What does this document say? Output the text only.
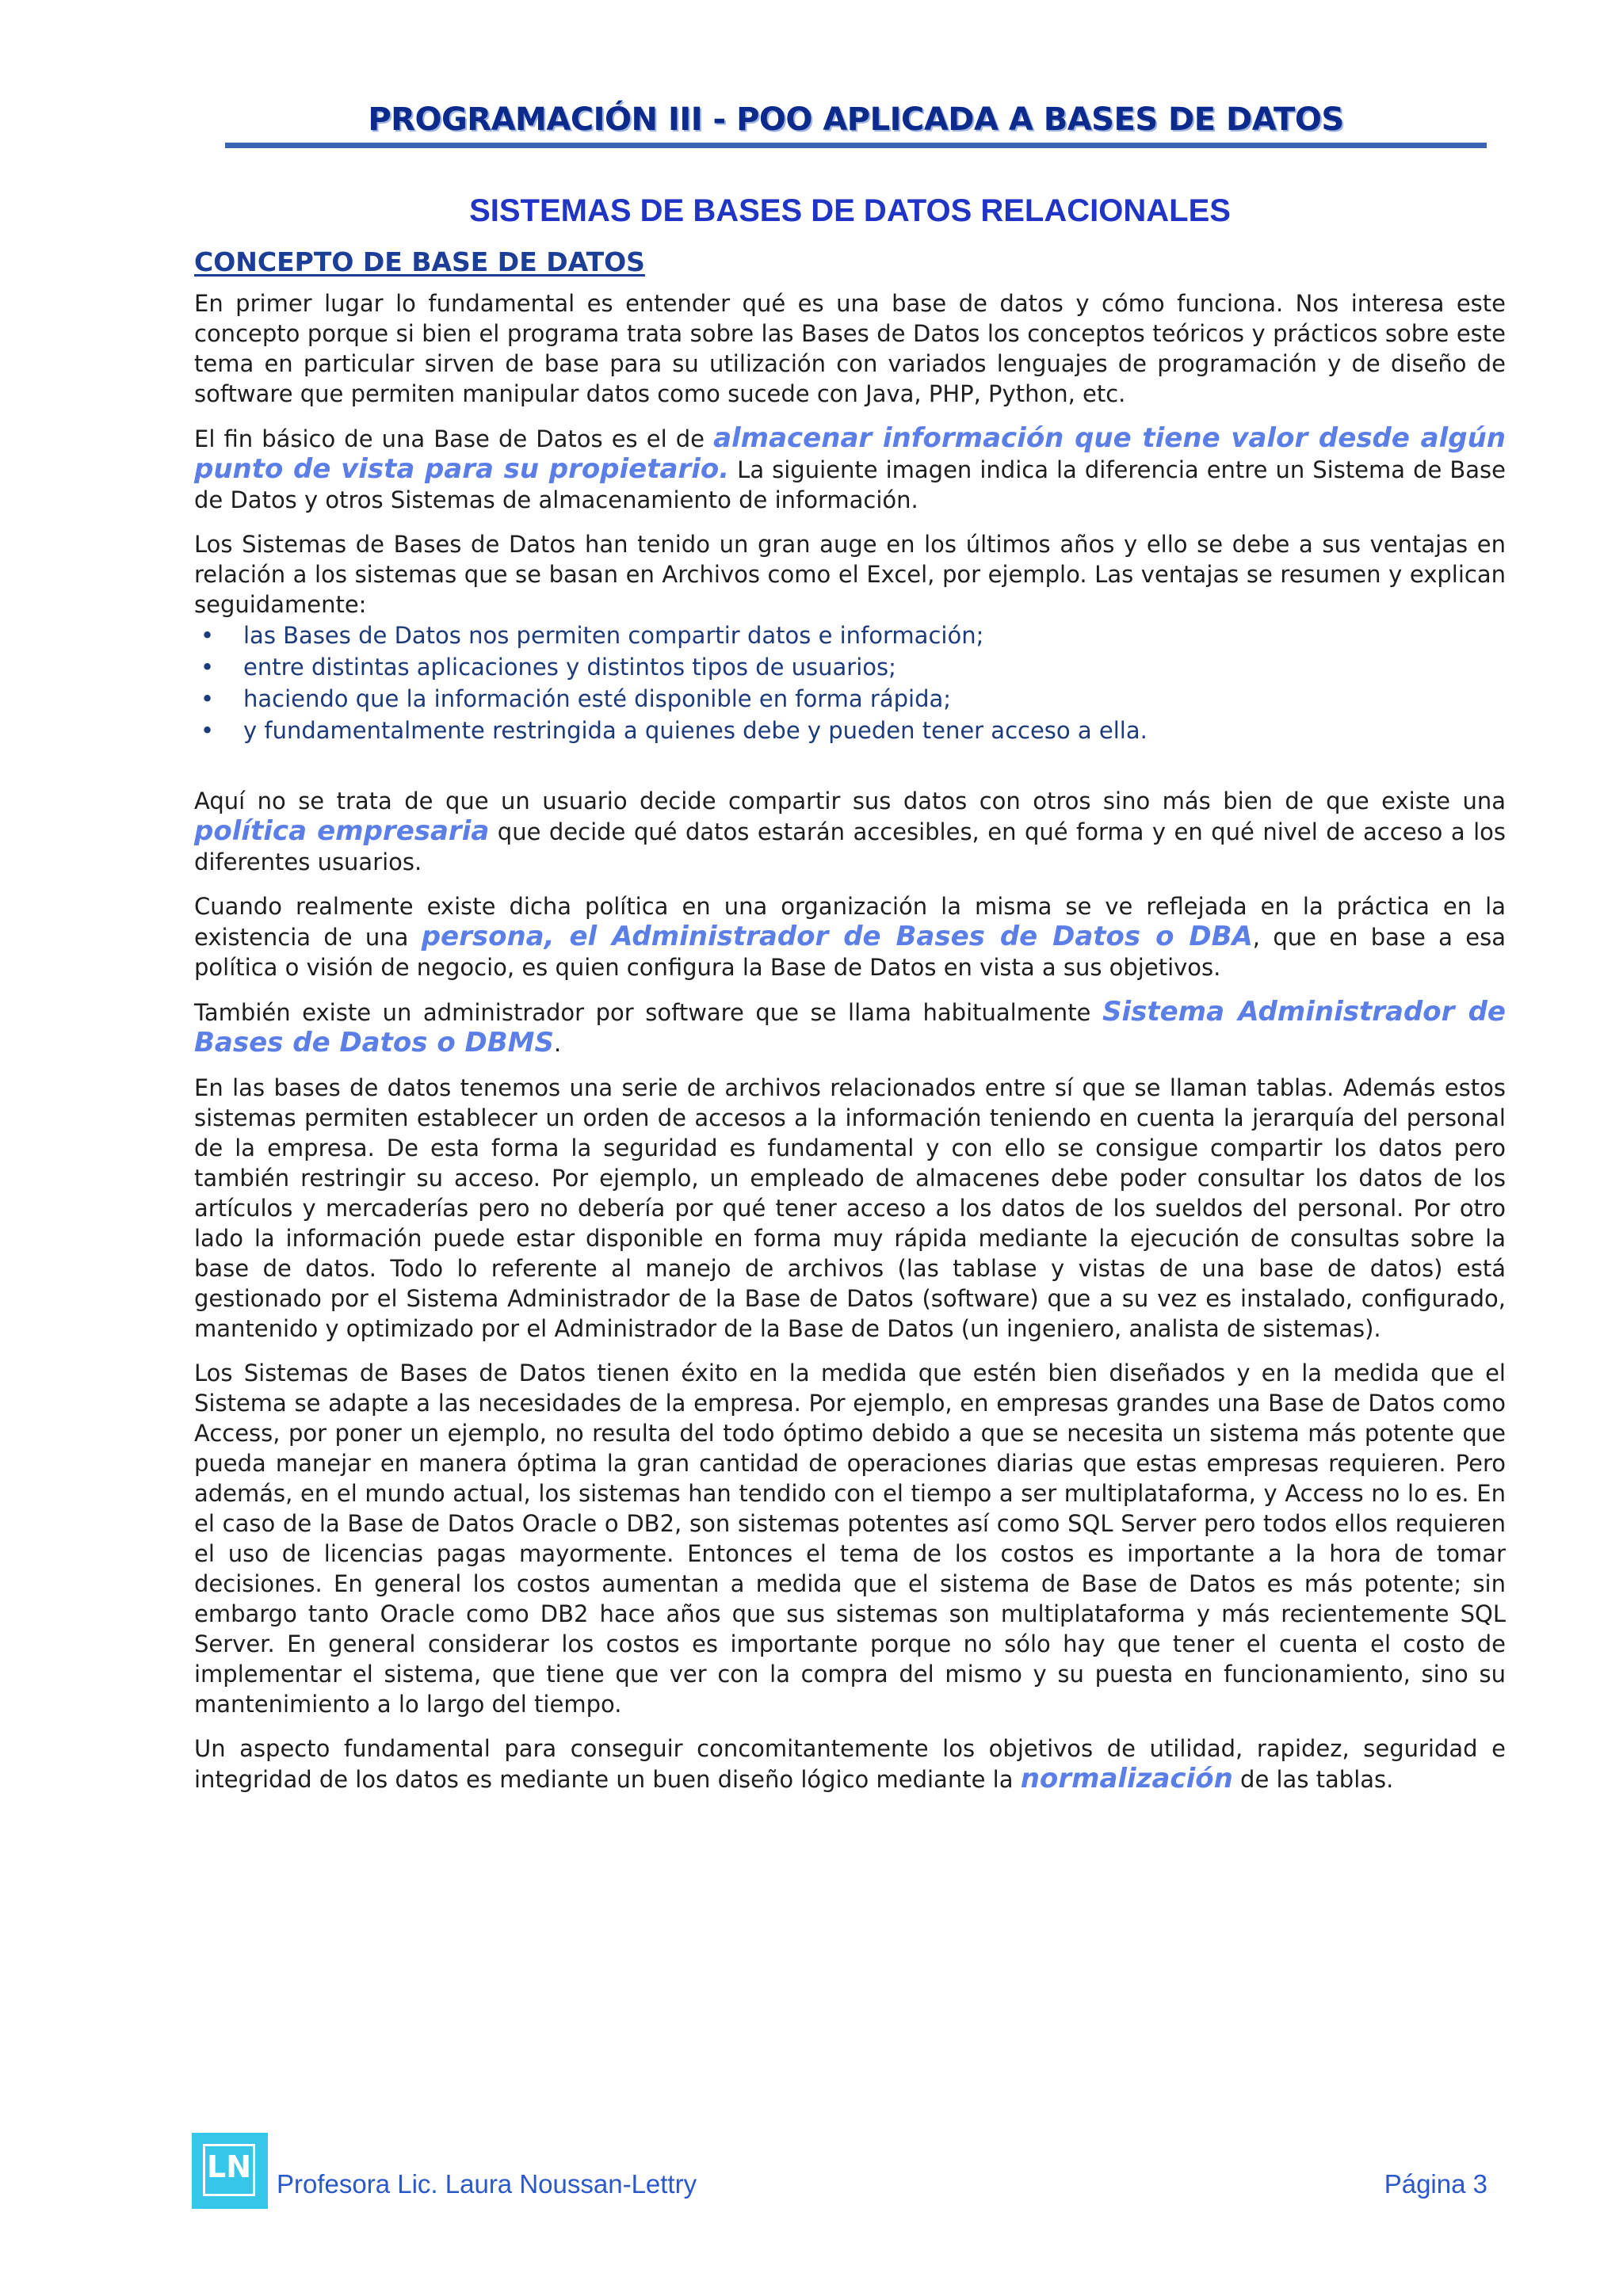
PROGRAMACIÓN III - POO APLICADA A BASES DE DATOS
SISTEMAS DE BASES DE DATOS RELACIONALES
CONCEPTO DE BASE DE DATOS

En primer lugar lo fundamental es entender qué es una base de datos y cómo funciona. Nos interesa este concepto porque si bien el programa trata sobre las Bases de Datos los conceptos teóricos y prácticos sobre este tema en particular sirven de base para su utilización con variados lenguajes de programación y de diseño de software que permiten manipular datos como sucede con Java, PHP, Python, etc.

El fin básico de una Base de Datos es el de almacenar información que tiene valor desde algún punto de vista para su propietario. La siguiente imagen indica la diferencia entre un Sistema de Base de Datos y otros Sistemas de almacenamiento de información.

Los Sistemas de Bases de Datos han tenido un gran auge en los últimos años y ello se debe a sus ventajas en relación a los sistemas que se basan en Archivos como el Excel, por ejemplo. Las ventajas se resumen y explican seguidamente:

• las Bases de Datos nos permiten compartir datos e información;
• entre distintas aplicaciones y distintos tipos de usuarios;
• haciendo que la información esté disponible en forma rápida;
• y fundamentalmente restringida a quienes debe y pueden tener acceso a ella.

Aquí no se trata de que un usuario decide compartir sus datos con otros sino más bien de que existe una política empresaria que decide qué datos estarán accesibles, en qué forma y en qué nivel de acceso a los diferentes usuarios.

Cuando realmente existe dicha política en una organización la misma se ve reflejada en la práctica en la existencia de una persona, el Administrador de Bases de Datos o DBA, que en base a esa política o visión de negocio, es quien configura la Base de Datos en vista a sus objetivos.

También existe un administrador por software que se llama habitualmente Sistema Administrador de Bases de Datos o DBMS.

En las bases de datos tenemos una serie de archivos relacionados entre sí que se llaman tablas. Además estos sistemas permiten establecer un orden de accesos a la información teniendo en cuenta la jerarquía del personal de la empresa. De esta forma la seguridad es fundamental y con ello se consigue compartir los datos pero también restringir su acceso. Por ejemplo, un empleado de almacenes debe poder consultar los datos de los artículos y mercaderías pero no debería por qué tener acceso a los datos de los sueldos del personal. Por otro lado la información puede estar disponible en forma muy rápida mediante la ejecución de consultas sobre la base de datos. Todo lo referente al manejo de archivos (las tablase y vistas de una base de datos) está gestionado por el Sistema Administrador de la Base de Datos (software) que a su vez es instalado, configurado, mantenido y optimizado por el Administrador de la Base de Datos (un ingeniero, analista de sistemas).

Los Sistemas de Bases de Datos tienen éxito en la medida que estén bien diseñados y en la medida que el Sistema se adapte a las necesidades de la empresa. Por ejemplo, en empresas grandes una Base de Datos como Access, por poner un ejemplo, no resulta del todo óptimo debido a que se necesita un sistema más potente que pueda manejar en manera óptima la gran cantidad de operaciones diarias que estas empresas requieren. Pero además, en el mundo actual, los sistemas han tendido con el tiempo a ser multiplataforma, y Access no lo es. En el caso de la Base de Datos Oracle o DB2, son sistemas potentes así como SQL Server pero todos ellos requieren el uso de licencias pagas mayormente. Entonces el tema de los costos es importante a la hora de tomar decisiones. En general los costos aumentan a medida que el sistema de Base de Datos es más potente; sin embargo tanto Oracle como DB2 hace años que sus sistemas son multiplataforma y más recientemente SQL Server. En general considerar los costos es importante porque no sólo hay que tener el cuenta el costo de implementar el sistema, que tiene que ver con la compra del mismo y su puesta en funcionamiento, sino su mantenimiento a lo largo del tiempo.

Un aspecto fundamental para conseguir concomitantemente los objetivos de utilidad, rapidez, seguridad e integridad de los datos es mediante un buen diseño lógico mediante la normalización de las tablas.

LN Profesora Lic. Laura Noussan-Lettry	Página 3
